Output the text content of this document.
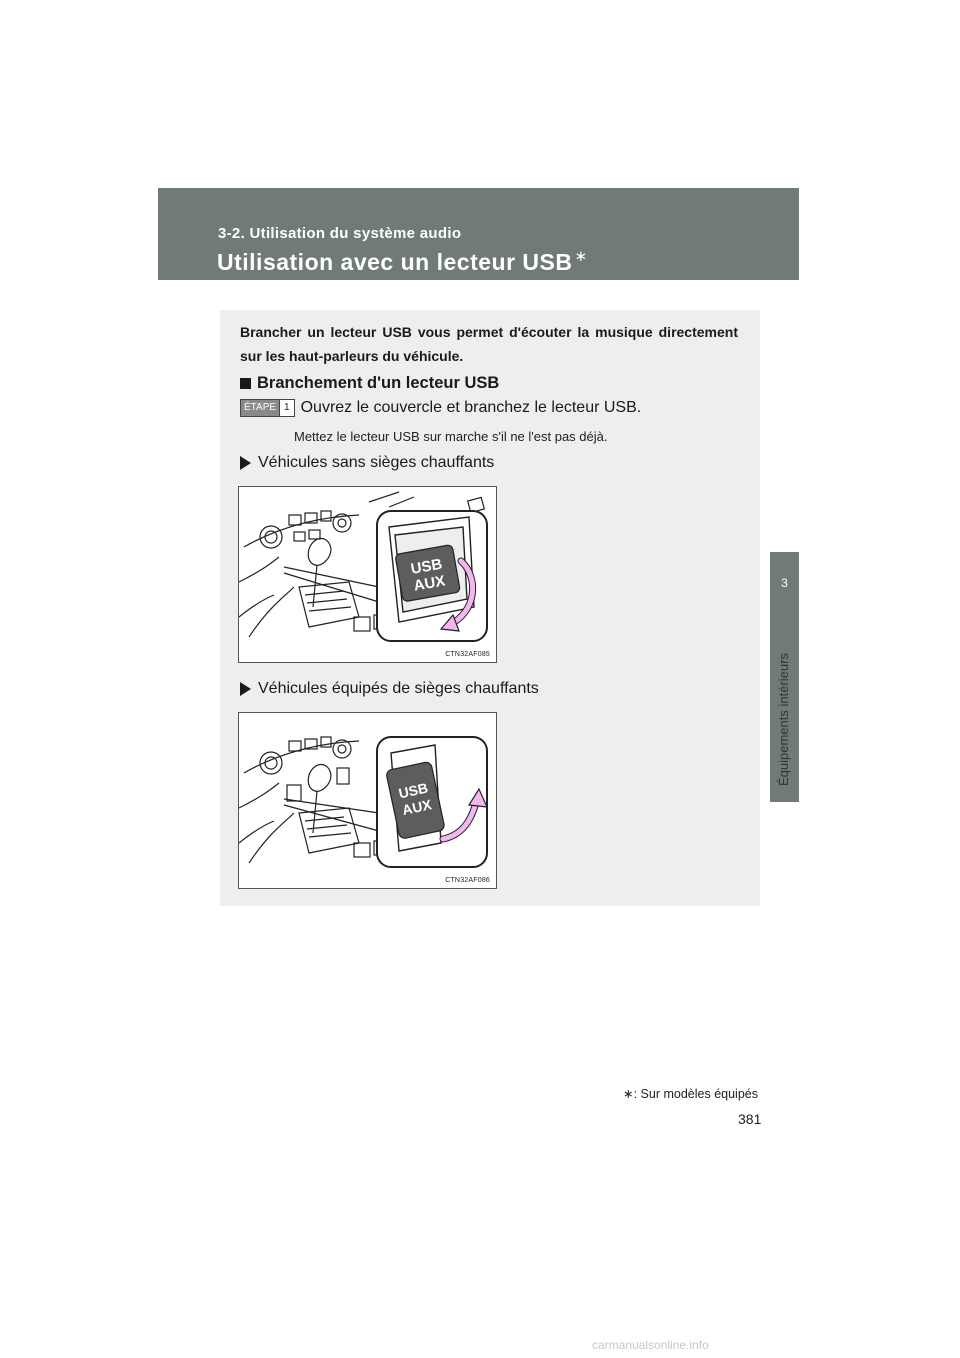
3-2. Utilisation du système audio
Utilisation avec un lecteur USB ∗
3
Équipements intérieurs
Brancher un lecteur USB vous permet d'écouter la musique directement sur les haut-parleurs du véhicule.
Branchement d'un lecteur USB
ÉTAPE 1 Ouvrez le couvercle et branchez le lecteur USB.
Mettez le lecteur USB sur marche s'il ne l'est pas déjà.
Véhicules sans sièges chauffants
USB
AUX
CTN32AF085
Véhicules équipés de sièges chauffants
USB
AUX
CTN32AF086
∗: Sur modèles équipés
381
carmanualsonline.info
